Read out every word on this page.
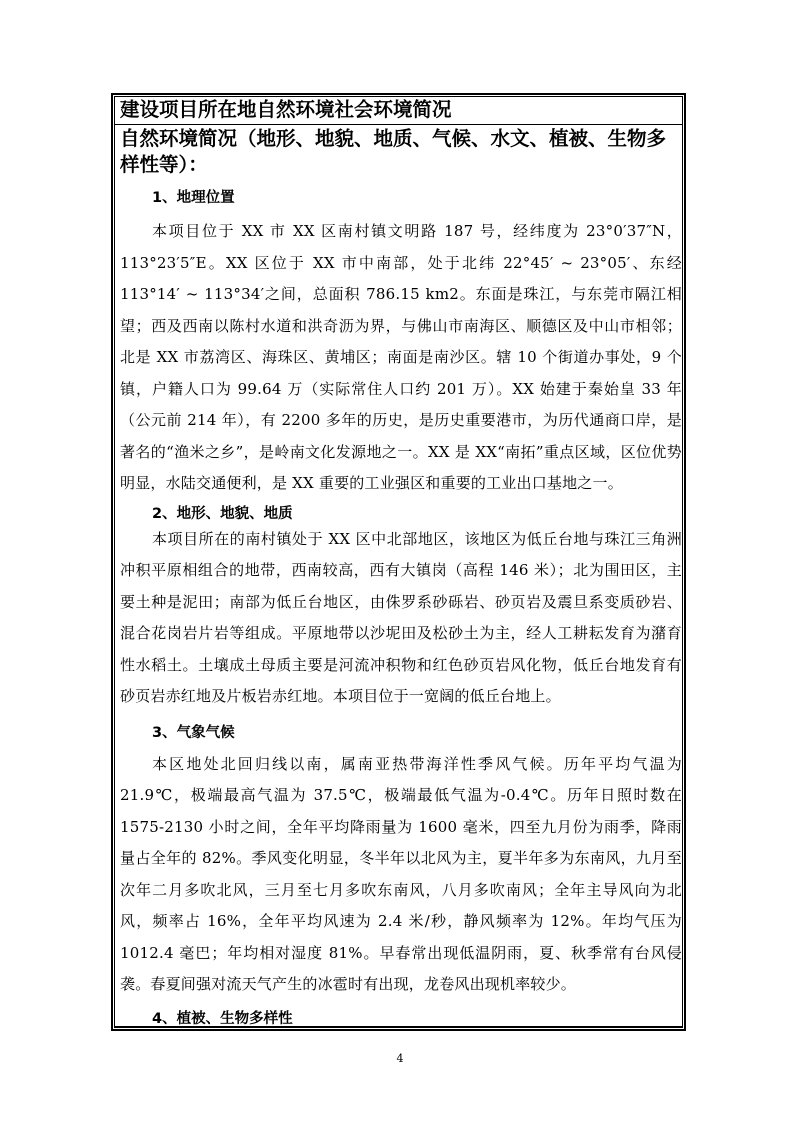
建设项目所在地自然环境社会环境简况
自然环境简况（地形、地貌、地质、气候、水文、植被、生物多样性等）：
1、地理位置

本项目位于 XX 市 XX 区南村镇文明路 187 号，经纬度为 23°0′37″N，113°23′5″E。XX 区位于 XX 市中南部，处于北纬 22°45′ ~ 23°05′、东经 113°14′ ~ 113°34′之间，总面积 786.15 km2。东面是珠江，与东莞市隔江相望；西及西南以陈村水道和洪奇沥为界，与佛山市南海区、顺德区及中山市相邻；北是 XX 市荔湾区、海珠区、黄埔区；南面是南沙区。辖 10 个街道办事处，9 个镇，户籍人口为 99.64 万（实际常住人口约 201 万）。XX 始建于秦始皇 33 年（公元前 214 年），有 2200 多年的历史，是历史重要港市，为历代通商口岸，是著名的“渔米之乡”，是岭南文化发源地之一。XX 是 XX“南拓”重点区域，区位优势明显，水陆交通便利，是 XX 重要的工业强区和重要的工业出口基地之一。

2、地形、地貌、地质

本项目所在的南村镇处于 XX 区中北部地区，该地区为低丘台地与珠江三角洲冲积平原相组合的地带，西南较高，西有大镇岗（高程 146 米）；北为围田区，主要土种是泥田；南部为低丘台地区，由侏罗系砂砾岩、砂页岩及震旦系变质砂岩、混合花岗岩片岩等组成。平原地带以沙坭田及松砂土为主，经人工耕耘发育为潴育性水稻土。土壤成土母质主要是河流冲积物和红色砂页岩风化物，低丘台地发育有砂页岩赤红地及片板岩赤红地。本项目位于一宽阔的低丘台地上。

3、气象气候

本区地处北回归线以南，属南亚热带海洋性季风气候。历年平均气温为 21.9℃，极端最高气温为 37.5℃，极端最低气温为-0.4℃。历年日照时数在 1575-2130 小时之间，全年平均降雨量为 1600 毫米，四至九月份为雨季，降雨量占全年的 82%。季风变化明显，冬半年以北风为主，夏半年多为东南风，九月至次年二月多吹北风，三月至七月多吹东南风，八月多吹南风；全年主导风向为北风，频率占 16%，全年平均风速为 2.4 米/秒，静风频率为 12%。年均气压为 1012.4 毫巴；年均相对湿度 81%。早春常出现低温阴雨，夏、秋季常有台风侵袭。春夏间强对流天气产生的冰雹时有出现，龙卷风出现机率较少。

4、植被、生物多样性
4
